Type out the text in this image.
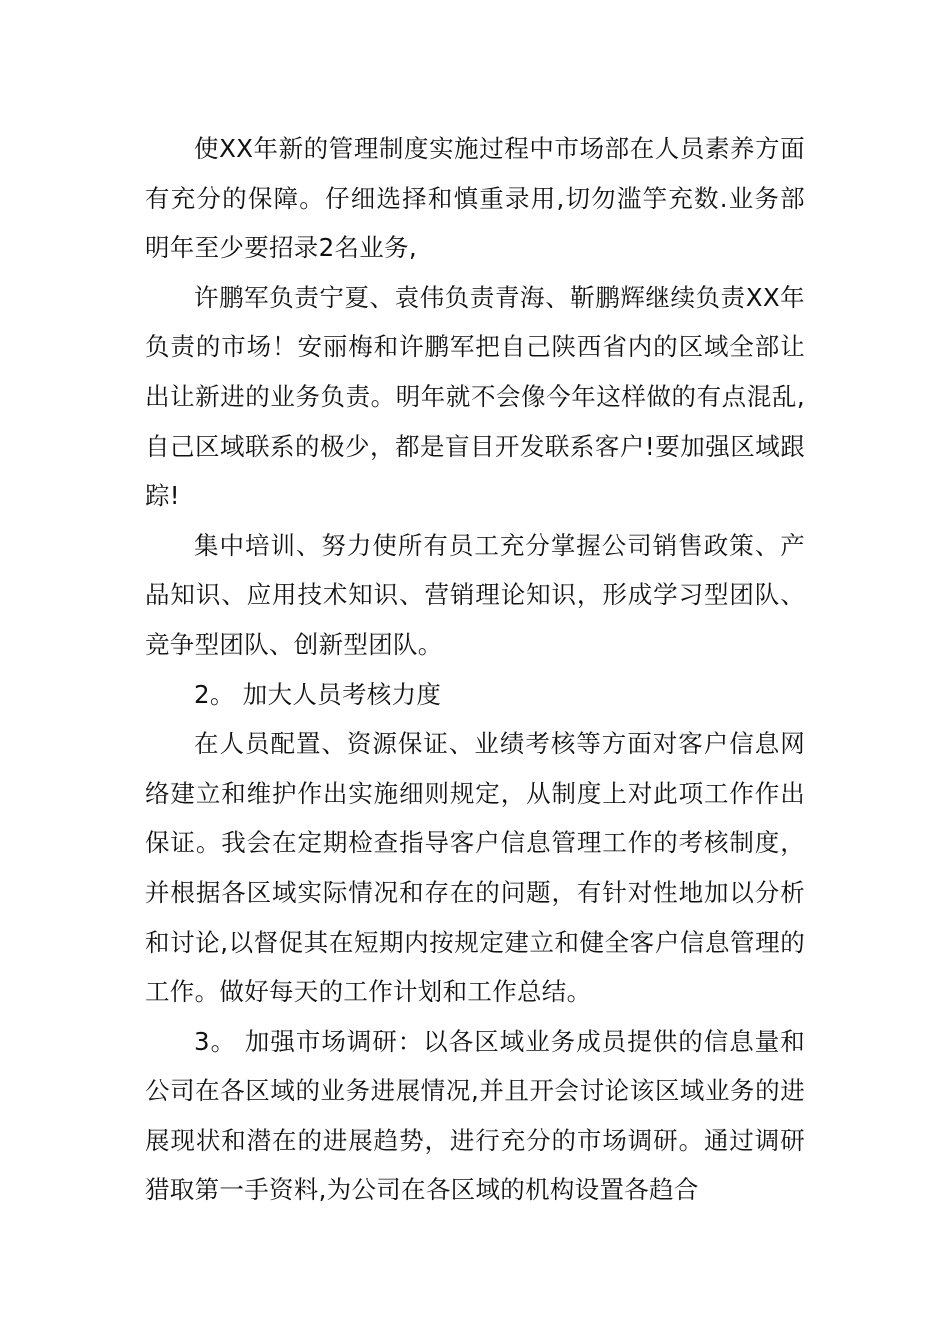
使XX年新的管理制度实施过程中市场部在人员素养方面有充分的保障。仔细选择和慎重录用,切勿滥竽充数.业务部明年至少要招录2名业务,

许鹏军负责宁夏、袁伟负责青海、靳鹏辉继续负责XX年负责的市场！安丽梅和许鹏军把自己陕西省内的区域全部让出让新进的业务负责。明年就不会像今年这样做的有点混乱,自己区域联系的极少，都是盲目开发联系客户!要加强区域跟踪!

集中培训、努力使所有员工充分掌握公司销售政策、产品知识、应用技术知识、营销理论知识，形成学习型团队、竞争型团队、创新型团队。

2。 加大人员考核力度

在人员配置、资源保证、业绩考核等方面对客户信息网络建立和维护作出实施细则规定，从制度上对此项工作作出保证。我会在定期检查指导客户信息管理工作的考核制度，并根据各区域实际情况和存在的问题，有针对性地加以分析和讨论,以督促其在短期内按规定建立和健全客户信息管理的工作。做好每天的工作计划和工作总结。

3。 加强市场调研：以各区域业务成员提供的信息量和公司在各区域的业务进展情况,并且开会讨论该区域业务的进展现状和潜在的进展趋势，进行充分的市场调研。通过调研猎取第一手资料,为公司在各区域的机构设置各趋合
